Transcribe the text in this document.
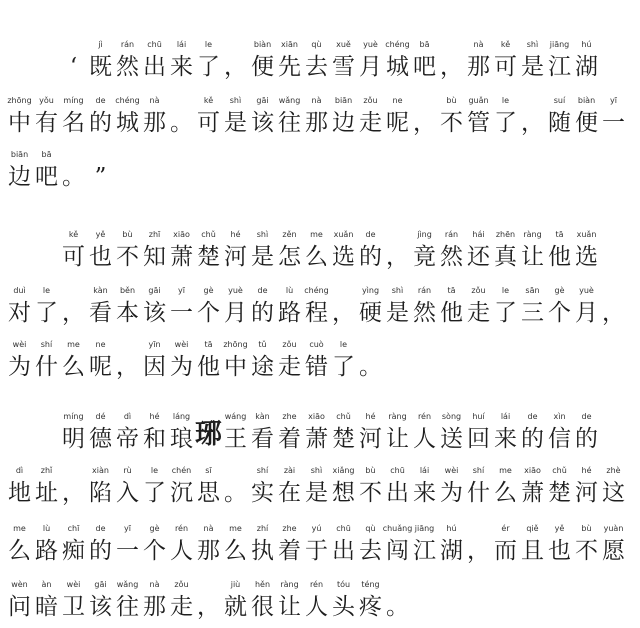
‘
jì
既
rán
然
chū
出
lái
来
le
了 ，
biàn
便
xiān
先
qù
去
xuě
雪
yuè
月
chéng
城
bā
吧 ，
nà
那
kě
可
shì
是
jiāng
江
hú
湖
zhōng
中
yǒu
有
míng
名
de
的
chéng
城
nà
那 。
kě
可
shì
是
gāi
该
wǎng
往
nà
那
biān
边
zǒu
走
ne
呢 ，
bù
不
guǎn
管
le
了 ，
suí
随
biàn
便
yī
一
biān
边
bā
吧 。 ”
kě
可
yě
也
bù
不
zhī
知
xiāo
萧
chǔ
楚
hé
河
shì
是
zěn
怎
me
么
xuǎn
选
de
的 ，
jìng
竟
rán
然
hái
还
zhēn
真
ràng
让
tā
他
xuǎn
选
duì
对
le
了 ，
kàn
看
běn
本
gāi
该
yī
一
gè
个
yuè
月
de
的
lù
路
chéng
程 ，
yìng
硬
shì
是
rán
然
tā
他
zǒu
走
le
了
sān
三
gè
个
yuè
月 ，
wèi
为
shí
什
me
么
ne
呢 ，
yīn
因
wèi
为
tā
他
zhōng
中
tǔ
途
zǒu
走
cuò
错
le
了 。
míng
明
dé
德
dì
帝
hé
和
láng
琅 琊
wáng
王
kàn
看
zhe
着
xiāo
萧
chǔ
楚
hé
河
ràng
让
rén
人
sòng
送
huí
回
lái
来
de
的
xìn
信
de
的
dì
地
zhǐ
址 ，
xiàn
陷
rù
入
le
了
chén
沉
sī
思 。
shí
实
zài
在
shì
是
xiǎng
想
bù
不
chū
出
lái
来
wèi
为
shí
什
me
么
xiāo
萧
chǔ
楚
hé
河
zhè
这
me
么
lù
路
chī
痴
de
的
yī
一
gè
个
rén
人
nà
那
me
么
zhí
执
zhe
着
yú
于
chū
出
qù
去
chuǎng
闯
jiāng
江
hú
湖 ，
ér
而
qiě
且
yě
也
bù
不
yuàn
愿
wèn
问
àn
暗
wèi
卫
gāi
该
wǎng
往
nà
那
zǒu
走 ，
jiù
就
hěn
很
ràng
让
rén
人
tóu
头
téng
疼 。
